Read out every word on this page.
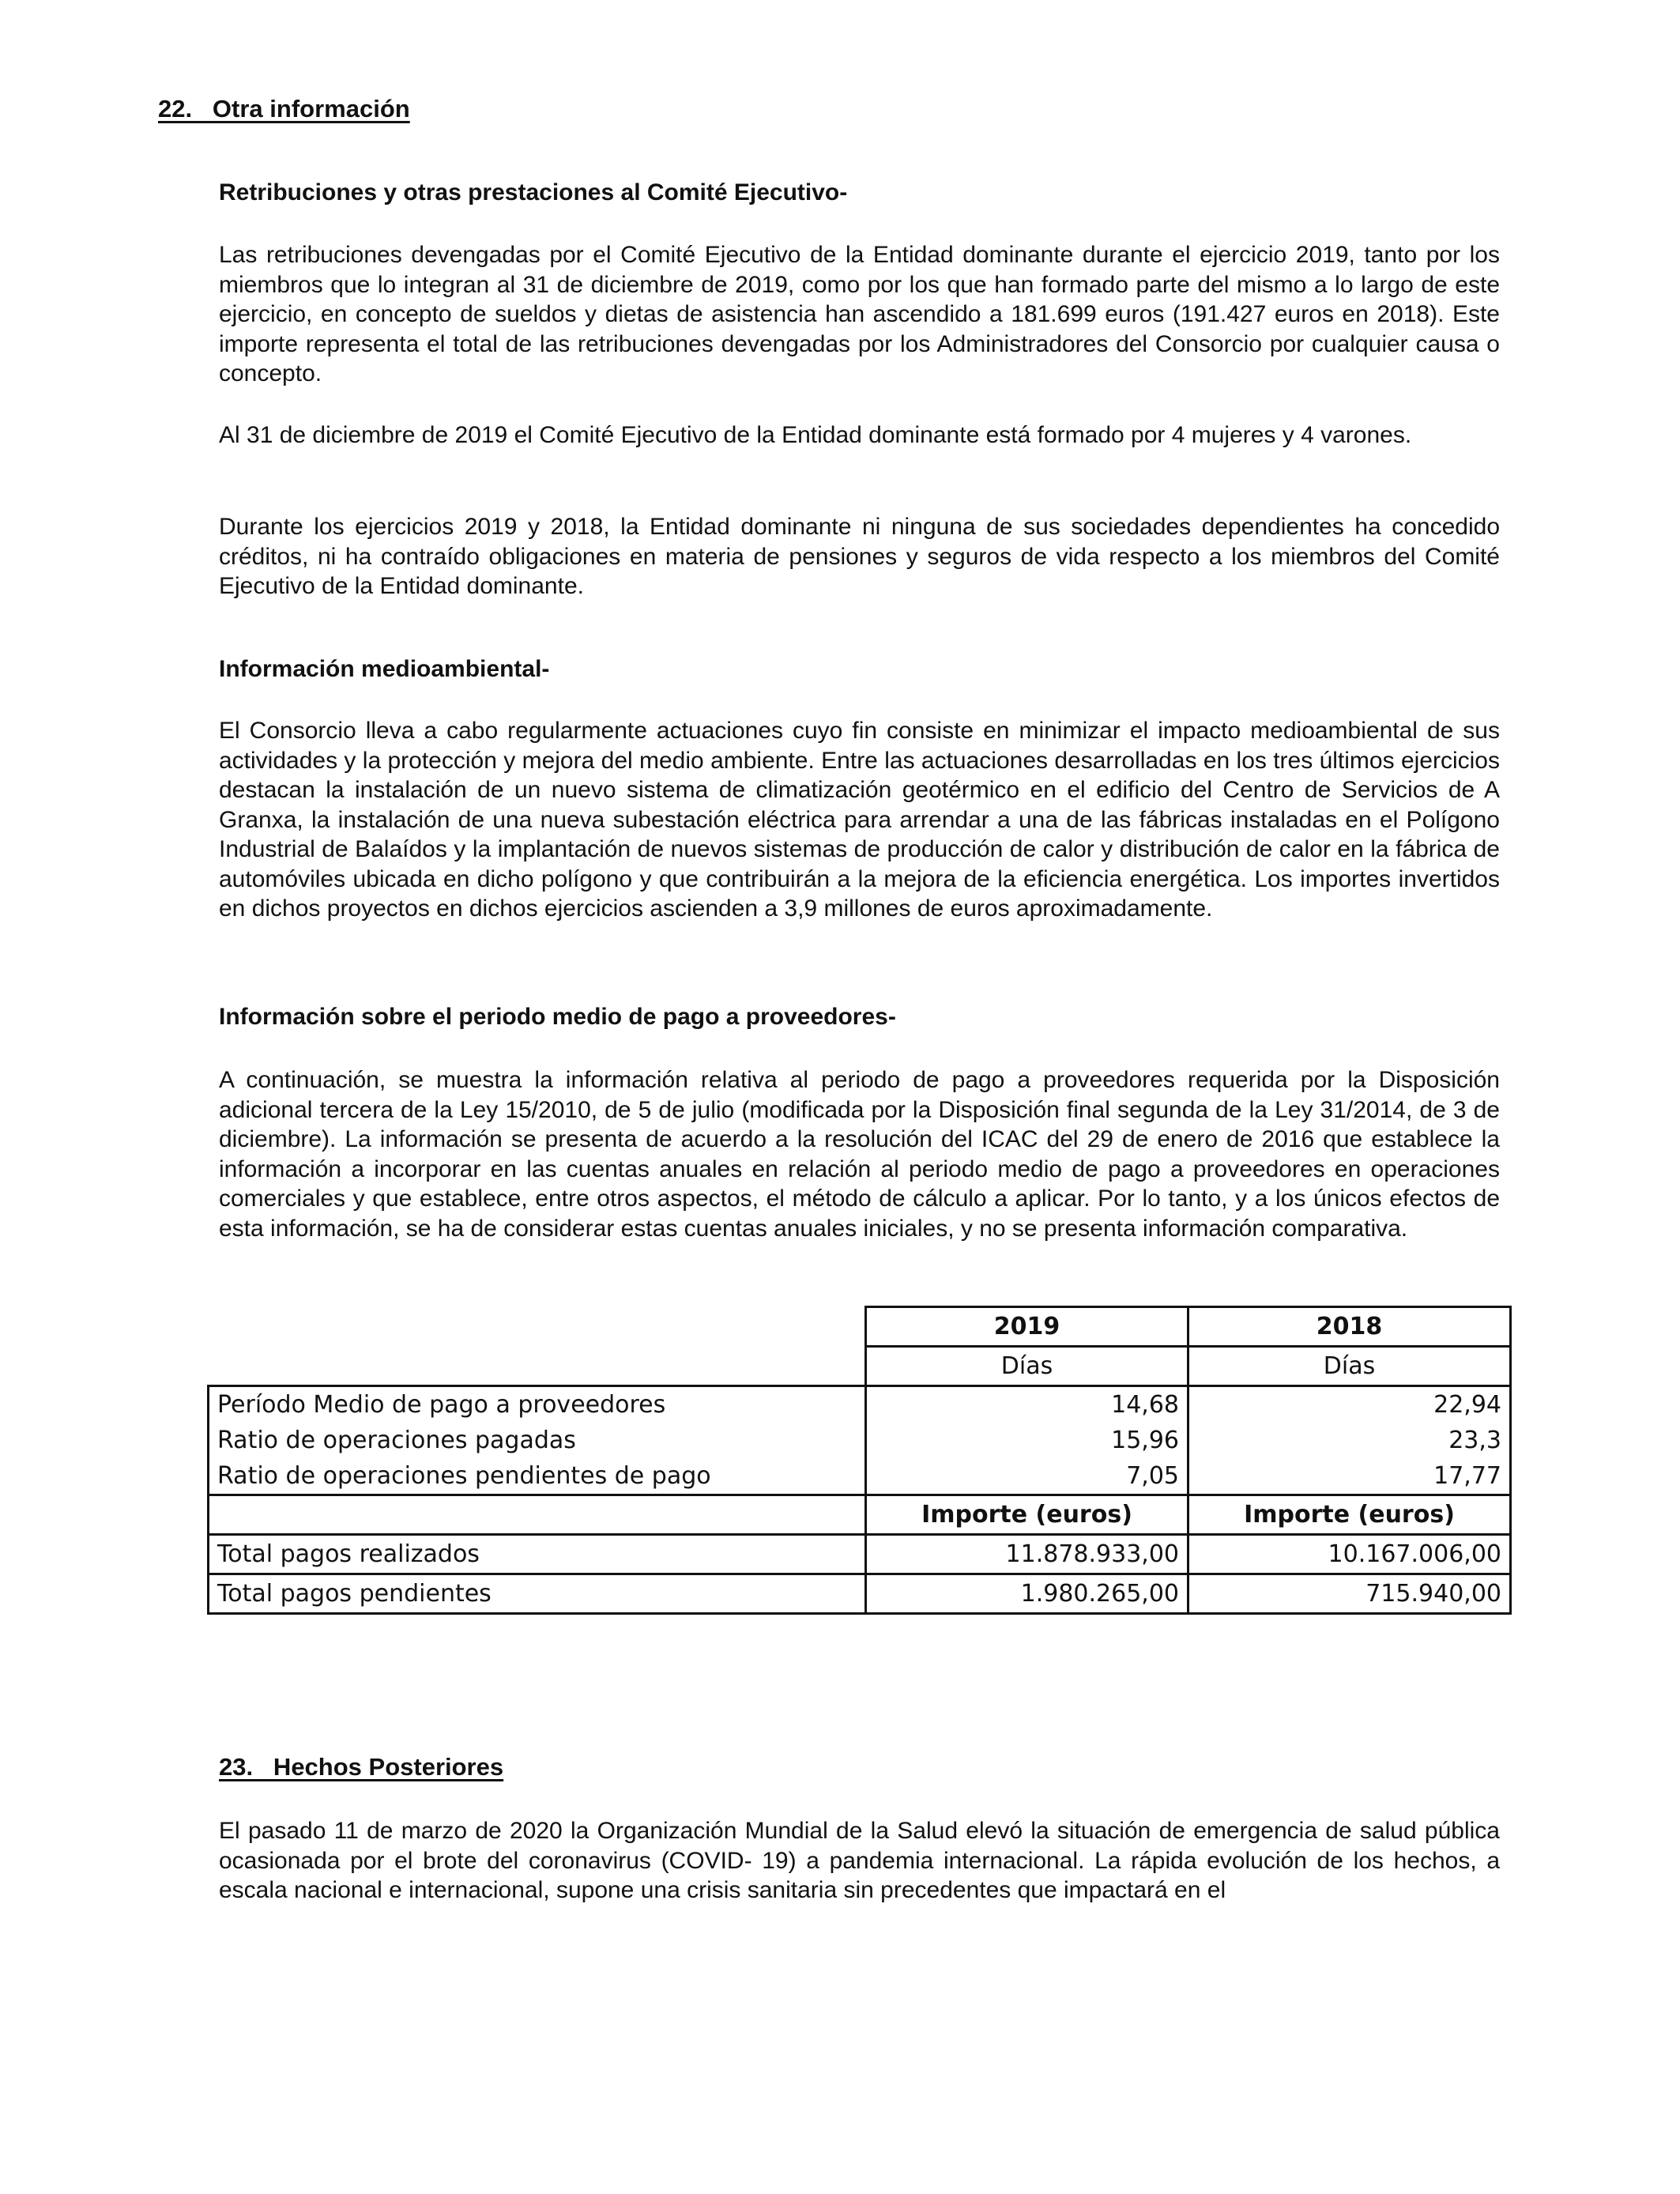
22.   Otra información
Retribuciones y otras prestaciones al Comité Ejecutivo-

Las retribuciones devengadas por el Comité Ejecutivo de la Entidad dominante durante el ejercicio 2019, tanto por los miembros que lo integran al 31 de diciembre de 2019, como por los que han formado parte del mismo a lo largo de este ejercicio, en concepto de sueldos y dietas de asistencia han ascendido a 181.699 euros (191.427 euros en 2018). Este importe representa el total de las retribuciones devengadas por los Administradores del Consorcio por cualquier causa o concepto.

Al 31 de diciembre de 2019 el Comité Ejecutivo de la Entidad dominante está formado por 4 mujeres y 4 varones.

Durante los ejercicios 2019 y 2018, la Entidad dominante ni ninguna de sus sociedades dependientes ha concedido créditos, ni ha contraído obligaciones en materia de pensiones y seguros de vida respecto a los miembros del Comité Ejecutivo de la Entidad dominante.

Información medioambiental-

El Consorcio lleva a cabo regularmente actuaciones cuyo fin consiste en minimizar el impacto medioambiental de sus actividades y la protección y mejora del medio ambiente. Entre las actuaciones desarrolladas en los tres últimos ejercicios destacan la instalación de un nuevo sistema de climatización geotérmico en el edificio del Centro de Servicios de A Granxa, la instalación de una nueva subestación eléctrica para arrendar a una de las fábricas instaladas en el Polígono Industrial de Balaídos y la implantación de nuevos sistemas de producción de calor y distribución de calor en la fábrica de automóviles ubicada en dicho polígono y que contribuirán a la mejora de la eficiencia energética. Los importes invertidos en dichos proyectos en dichos ejercicios ascienden a 3,9 millones de euros aproximadamente.

Información sobre el periodo medio de pago a proveedores-

A continuación, se muestra la información relativa al periodo de pago a proveedores requerida por la Disposición adicional tercera de la Ley 15/2010, de 5 de julio (modificada por la Disposición final segunda de la Ley 31/2014, de 3 de diciembre). La información se presenta de acuerdo a la resolución del ICAC del 29 de enero de 2016 que establece la información a incorporar en las cuentas anuales en relación al periodo medio de pago a proveedores en operaciones comerciales y que establece, entre otros aspectos, el método de cálculo a aplicar. Por lo tanto, y a los únicos efectos de esta información, se ha de considerar estas cuentas anuales iniciales, y no se presenta información comparativa.

	2019	2018
	Días	Días
Período Medio de pago a proveedores	14,68	22,94
Ratio de operaciones pagadas	15,96	23,3
Ratio de operaciones pendientes de pago	7,05	17,77
	Importe (euros)	Importe (euros)
Total pagos realizados	11.878.933,00	10.167.006,00
Total pagos pendientes	1.980.265,00	715.940,00
23.   Hechos Posteriores

El pasado 11 de marzo de 2020 la Organización Mundial de la Salud elevó la situación de emergencia de salud pública ocasionada por el brote del coronavirus (COVID- 19) a pandemia internacional. La rápida evolución de los hechos, a escala nacional e internacional, supone una crisis sanitaria sin precedentes que impactará en el
